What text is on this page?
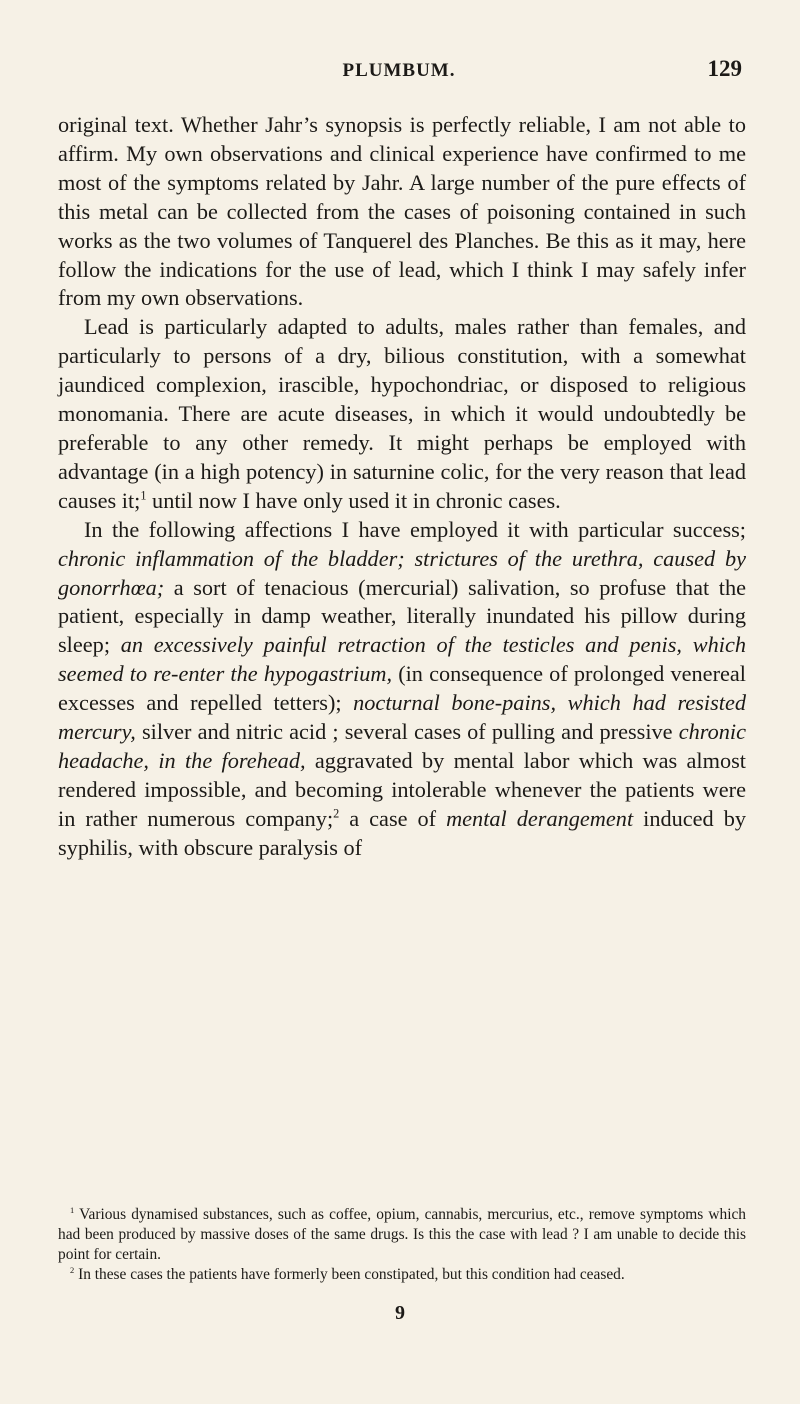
PLUMBUM.	129

original text. Whether Jahr’s synopsis is perfectly reliable, I am not able to affirm. My own observations and clinical experience have confirmed to me most of the symptoms related by Jahr. A large number of the pure effects of this metal can be collected from the cases of poisoning contained in such works as the two volumes of Tanquerel des Planches. Be this as it may, here follow the indications for the use of lead, which I think I may safely infer from my own observations.

Lead is particularly adapted to adults, males rather than females, and particularly to persons of a dry, bilious constitution, with a somewhat jaundiced complexion, irascible, hypochondriac, or disposed to religious monomania. There are acute diseases, in which it would undoubtedly be preferable to any other remedy. It might perhaps be employed with advantage (in a high potency) in saturnine colic, for the very reason that lead causes it;$^1$ until now I have only used it in chronic cases.

In the following affections I have employed it with particular success; chronic inflammation of the bladder; strictures of the urethra, caused by gonorrhœa; a sort of tenacious (mercurial) salivation, so profuse that the patient, especially in damp weather, literally inundated his pillow during sleep; an excessively painful retraction of the testicles and penis, which seemed to re-enter the hypogastrium, (in consequence of prolonged venereal excesses and repelled tetters); nocturnal bone-pains, which had resisted mercury, silver and nitric acid ; several cases of pulling and pressive chronic headache, in the forehead, aggravated by mental labor which was almost rendered impossible, and becoming intolerable whenever the patients were in rather numerous company;$^2$ a case of mental derangement induced by syphilis, with obscure paralysis of

$^1$ Various dynamised substances, such as coffee, opium, cannabis, mercurius, etc., remove symptoms which had been produced by massive doses of the same drugs. Is this the case with lead ? I am unable to decide this point for certain.

$^2$ In these cases the patients have formerly been constipated, but this condition had ceased.

9
